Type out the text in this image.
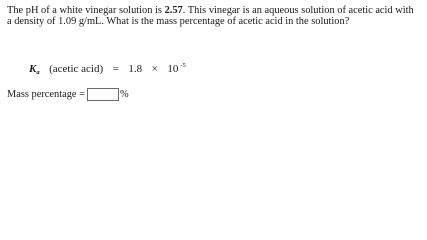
The pH of a white vinegar solution is 2.57. This vinegar is an aqueous solution of acetic acid with a density of 1.09 g/mL. What is the mass percentage of acetic acid in the solution?

Ka (acetic acid) = 1.8 × 10 $^{-5}$
Mass percentage =	%
